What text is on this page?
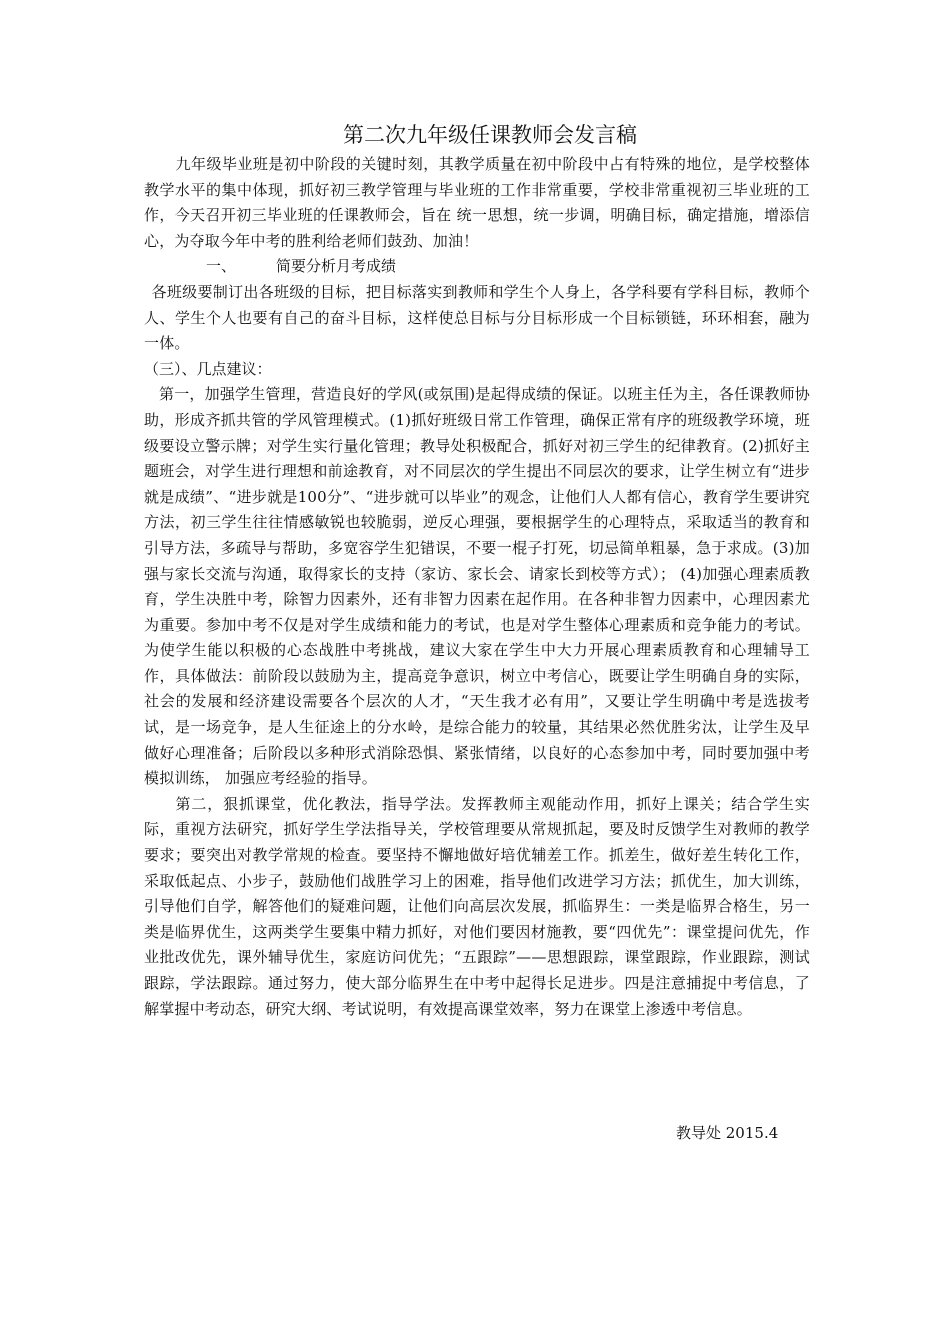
第二次九年级任课教师会发言稿

九年级毕业班是初中阶段的关键时刻，其教学质量在初中阶段中占有特殊的地位，是学校整体教学水平的集中体现，抓好初三教学管理与毕业班的工作非常重要，学校非常重视初三毕业班的工作，今天召开初三毕业班的任课教师会，旨在 统一思想，统一步调，明确目标，确定措施，增添信心，为夺取今年中考的胜利给老师们鼓劲、加油！

一、	简要分析月考成绩

各班级要制订出各班级的目标，把目标落实到教师和学生个人身上，各学科要有学科目标，教师个人、学生个人也要有自己的奋斗目标，这样使总目标与分目标形成一个目标锁链，环环相套，融为一体。

（三）、几点建议：

第一，加强学生管理，营造良好的学风(或氛围)是起得成绩的保证。以班主任为主，各任课教师协助，形成齐抓共管的学风管理模式。(1)抓好班级日常工作管理，确保正常有序的班级教学环境，班级要设立警示牌；对学生实行量化管理；教导处积极配合，抓好对初三学生的纪律教育。(2)抓好主题班会，对学生进行理想和前途教育，对不同层次的学生提出不同层次的要求，让学生树立有“进步就是成绩”、“进步就是100分”、“进步就可以毕业”的观念，让他们人人都有信心，教育学生要讲究方法，初三学生往往情感敏锐也较脆弱，逆反心理强，要根据学生的心理特点，采取适当的教育和引导方法，多疏导与帮助，多宽容学生犯错误，不要一棍子打死，切忌简单粗暴，急于求成。(3)加强与家长交流与沟通，取得家长的支持（家访、家长会、请家长到校等方式）； (4)加强心理素质教育，学生决胜中考，除智力因素外，还有非智力因素在起作用。在各种非智力因素中，心理因素尤为重要。参加中考不仅是对学生成绩和能力的考试，也是对学生整体心理素质和竞争能力的考试。为使学生能以积极的心态战胜中考挑战，建议大家在学生中大力开展心理素质教育和心理辅导工作，具体做法：前阶段以鼓励为主，提高竞争意识，树立中考信心，既要让学生明确自身的实际，社会的发展和经济建设需要各个层次的人才，“天生我才必有用”，又要让学生明确中考是选拔考试，是一场竞争，是人生征途上的分水岭，是综合能力的较量，其结果必然优胜劣汰，让学生及早做好心理准备；后阶段以多种形式消除恐惧、紧张情绪，以良好的心态参加中考，同时要加强中考模拟训练， 加强应考经验的指导。

第二，狠抓课堂，优化教法，指导学法。发挥教师主观能动作用，抓好上课关；结合学生实际，重视方法研究，抓好学生学法指导关，学校管理要从常规抓起，要及时反馈学生对教师的教学要求；要突出对教学常规的检查。要坚持不懈地做好培优辅差工作。抓差生，做好差生转化工作，采取低起点、小步子，鼓励他们战胜学习上的困难，指导他们改进学习方法；抓优生，加大训练，引导他们自学，解答他们的疑难问题，让他们向高层次发展，抓临界生：一类是临界合格生，另一类是临界优生，这两类学生要集中精力抓好，对他们要因材施教，要“四优先”：课堂提问优先，作业批改优先，课外辅导优生，家庭访问优先；“五跟踪”——思想跟踪，课堂跟踪，作业跟踪，测试跟踪，学法跟踪。通过努力，使大部分临界生在中考中起得长足进步。四是注意捕捉中考信息，了解掌握中考动态，研究大纲、考试说明，有效提高课堂效率，努力在课堂上渗透中考信息。

教导处 2015.4
